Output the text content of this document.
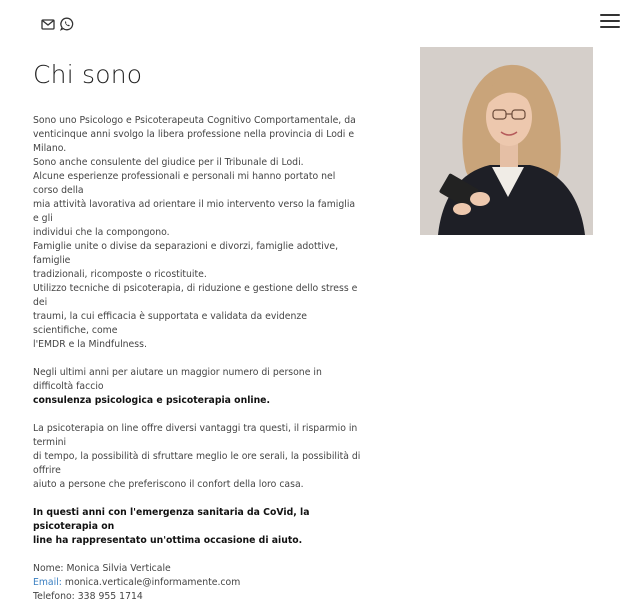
Chi sono

Sono uno Psicologo e Psicoterapeuta Cognitivo Comportamentale, da

venticinque anni svolgo la libera professione nella provincia di Lodi e Milano.

Sono anche consulente del giudice per il Tribunale di Lodi.

Alcune esperienze professionali e personali mi hanno portato nel corso della

mia attività lavorativa ad orientare il mio intervento verso la famiglia e gli

individui che la compongono.

Famiglie unite o divise da separazioni e divorzi, famiglie adottive, famiglie

tradizionali, ricomposte o ricostituite.

Utilizzo tecniche di psicoterapia, di riduzione e gestione dello stress e dei

traumi, la cui efficacia è supportata e validata da evidenze scientifiche, come

l'EMDR e la Mindfulness.

Negli ultimi anni per aiutare un maggior numero di persone in difficoltà faccio

consulenza psicologica e psicoterapia online.

La psicoterapia on line offre diversi vantaggi tra questi, il risparmio in termini

di tempo, la possibilità di sfruttare meglio le ore serali, la possibilità di offrire

aiuto a persone che preferiscono il confort della loro casa.

In questi anni con l'emergenza sanitaria da CoVid, la psicoterapia on

line ha rappresentato un'ottima occasione di aiuto.

Nome: Monica Silvia Verticale

Email: monica.verticale@informamente.com

Telefono: 338 955 1714
